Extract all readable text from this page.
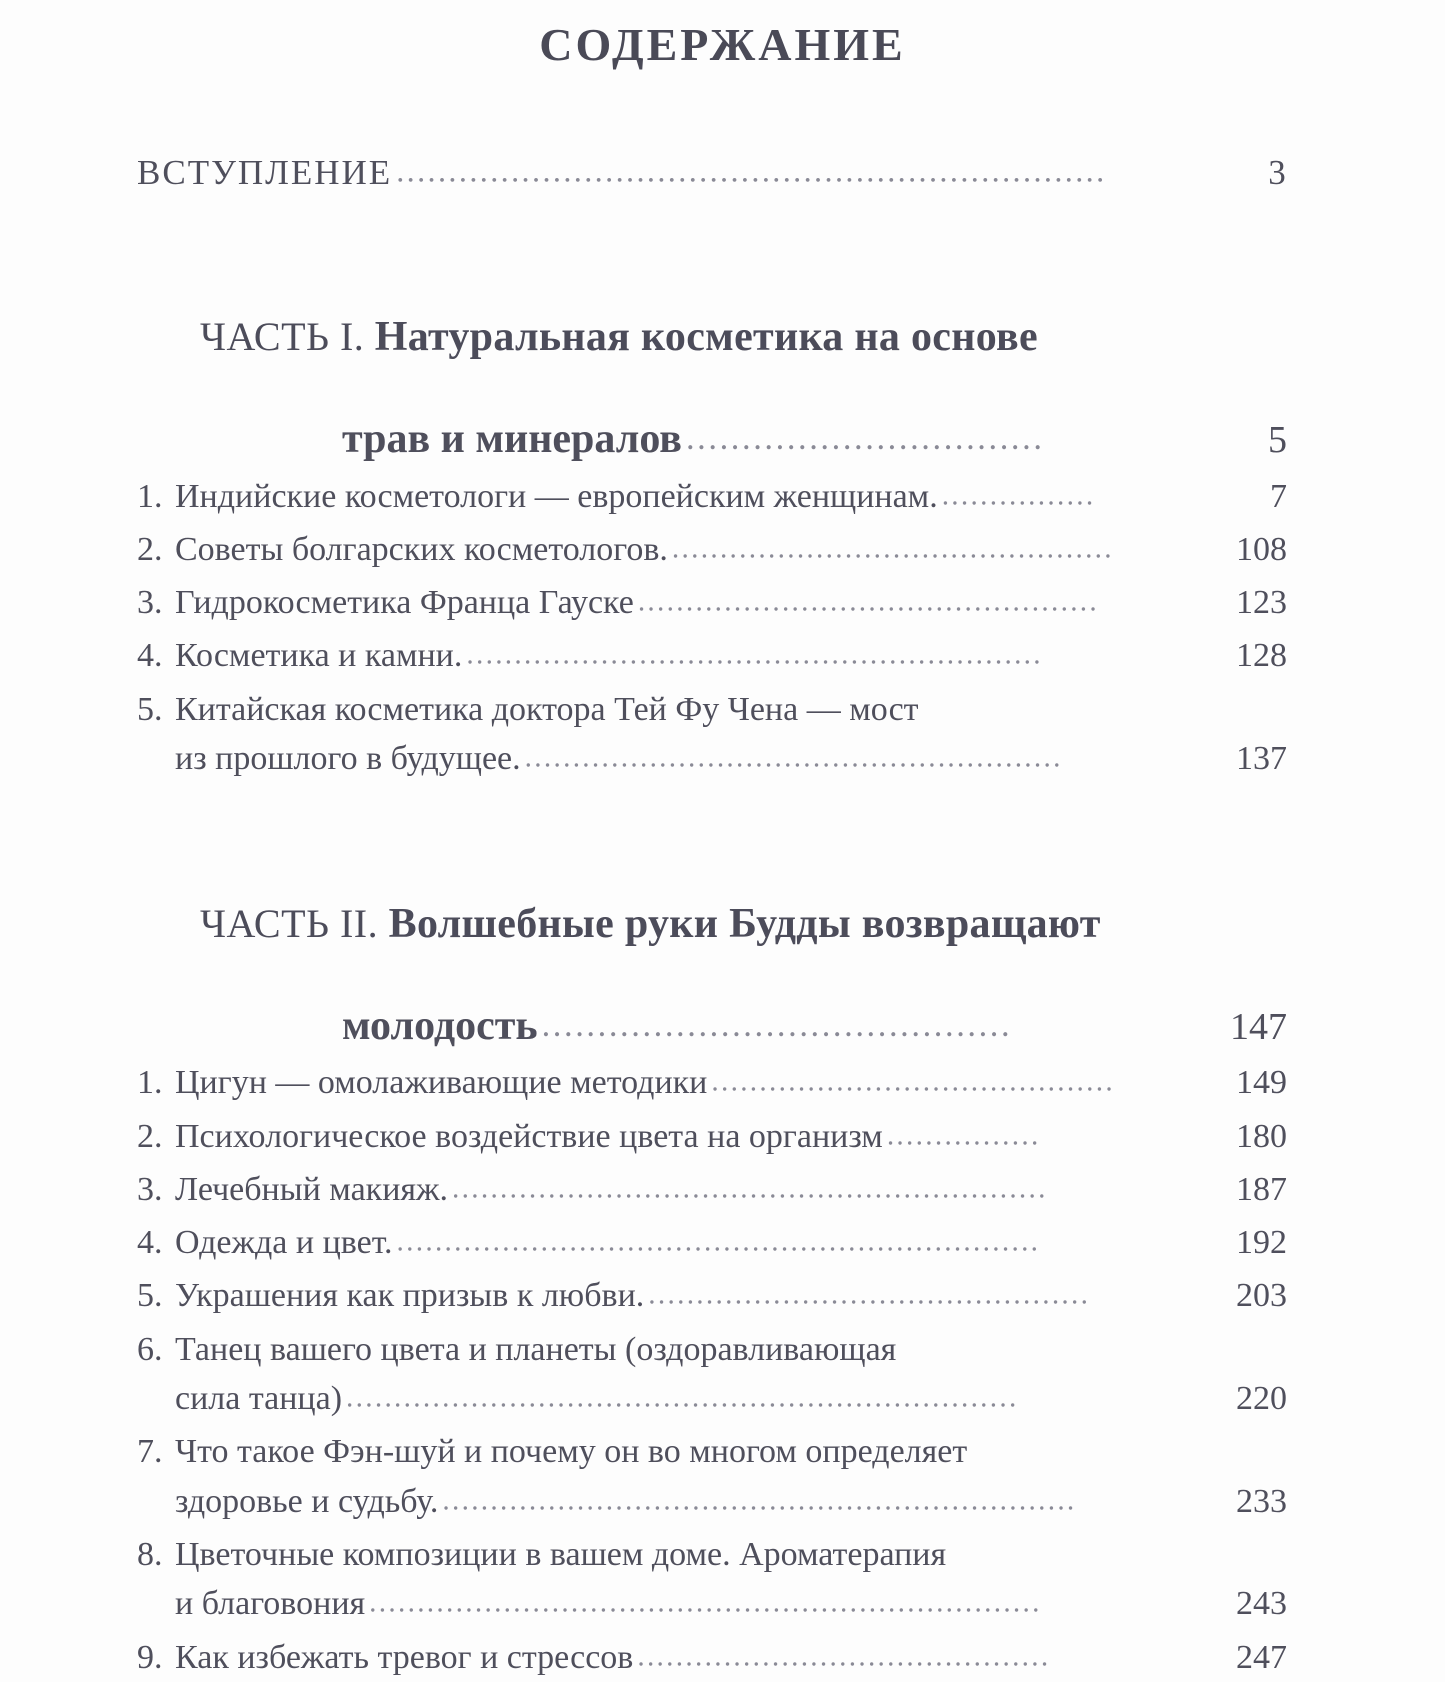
СОДЕРЖАНИЕ
ВСТУПЛЕНИЕ ....................................................................	3

ЧАСТЬ I. Натуральная косметика на основе

трав и минералов ................................	5
1. Индийские косметологи — европейским женщинам. ................	7
2. Советы болгарских косметологов. ..............................................	108
3. Гидрокосметика Франца Гауске ................................................	123
4. Косметика и камни. ............................................................	128
5. Китайская косметика доктора Тей Фу Чена — мост
из прошлого в будущее. ........................................................	137

ЧАСТЬ II. Волшебные руки Будды возвращают

молодость ..........................................	147
1. Цигун — омолаживающие методики ..........................................	149
2. Психологическое воздействие цвета на организм ................	180
3. Лечебный макияж. ..............................................................	187
4. Одежда и цвет. ...................................................................	192
5. Украшения как призыв к любви. ..............................................	203
6. Танец вашего цвета и планеты (оздоравливающая
сила танца) ......................................................................	220
7. Что такое Фэн-шуй и почему он во многом определяет
здоровье и судьбу. ..................................................................	233
8. Цветочные композиции в вашем доме. Ароматерапия
и благовония ......................................................................	243
9. Как избежать тревог и стрессов ...........................................	247
